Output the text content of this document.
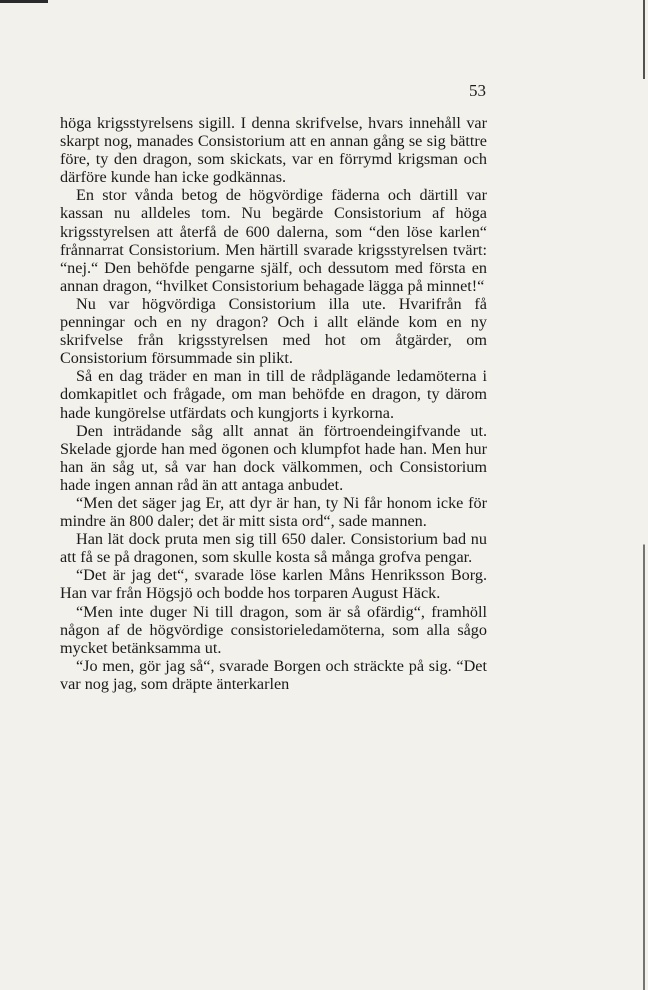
53

höga krigsstyrelsens sigill. I denna skrifvelse, hvars innehåll var skarpt nog, manades Consistorium att en annan gång se sig bättre före, ty den dragon, som skickats, var en förrymd krigsman och därföre kunde han icke godkännas.

En stor vånda betog de högvördige fäderna och därtill var kassan nu alldeles tom. Nu begärde Consistorium af höga krigsstyrelsen att återfå de 600 dalerna, som “den löse karlen“ frånnarrat Consistorium. Men härtill svarade krigsstyrelsen tvärt: “nej.“ Den behöfde pengarne själf, och dessutom med första en annan dragon, “hvilket Consistorium behagade lägga på minnet!“

Nu var högvördiga Consistorium illa ute. Hvarifrån få penningar och en ny dragon? Och i allt elände kom en ny skrifvelse från krigsstyrelsen med hot om åtgärder, om Consistorium försummade sin plikt.

Så en dag träder en man in till de rådplägande ledamöterna i domkapitlet och frågade, om man behöfde en dragon, ty därom hade kungörelse utfärdats och kungjorts i kyrkorna.

Den inträdande såg allt annat än förtroendeingifvande ut. Skelade gjorde han med ögonen och klumpfot hade han. Men hur han än såg ut, så var han dock välkommen, och Consistorium hade ingen annan råd än att antaga anbudet.

“Men det säger jag Er, att dyr är han, ty Ni får honom icke för mindre än 800 daler; det är mitt sista ord“, sade mannen.

Han lät dock pruta men sig till 650 daler. Consistorium bad nu att få se på dragonen, som skulle kosta så många grofva pengar.

“Det är jag det“, svarade löse karlen Måns Henriksson Borg. Han var från Högsjö och bodde hos torparen August Häck.

“Men inte duger Ni till dragon, som är så ofärdig“, framhöll någon af de högvördige consistorieledamöterna, som alla sågo mycket betänksamma ut.

“Jo men, gör jag så“, svarade Borgen och sträckte på sig. “Det var nog jag, som dräpte änterkarlen
